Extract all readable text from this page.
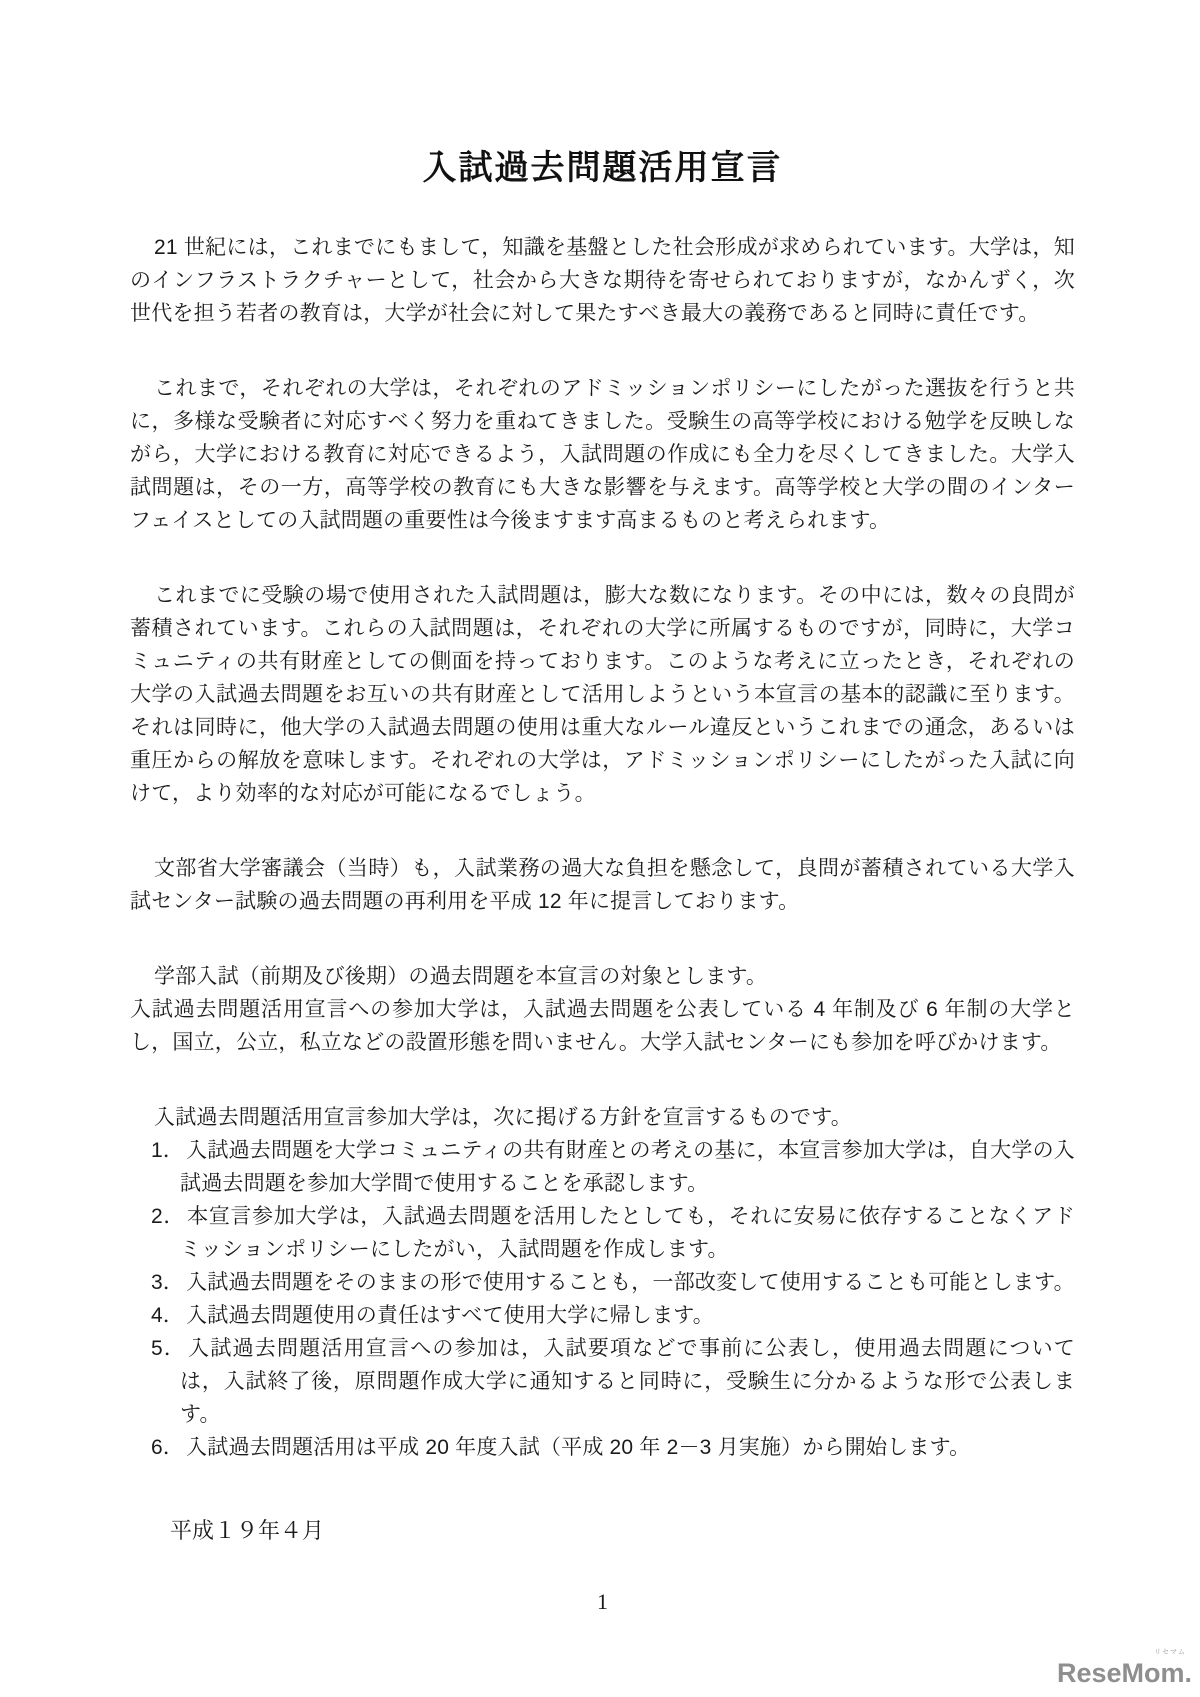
入試過去問題活用宣言

21 世紀には，これまでにもまして，知識を基盤とした社会形成が求められています。大学は，知のインフラストラクチャーとして，社会から大きな期待を寄せられておりますが，なかんずく，次世代を担う若者の教育は，大学が社会に対して果たすべき最大の義務であると同時に責任です。

これまで，それぞれの大学は，それぞれのアドミッションポリシーにしたがった選抜を行うと共に，多様な受験者に対応すべく努力を重ねてきました。受験生の高等学校における勉学を反映しながら，大学における教育に対応できるよう，入試問題の作成にも全力を尽くしてきました。大学入試問題は，その一方，高等学校の教育にも大きな影響を与えます。高等学校と大学の間のインターフェイスとしての入試問題の重要性は今後ますます高まるものと考えられます。

これまでに受験の場で使用された入試問題は，膨大な数になります。その中には，数々の良問が蓄積されています。これらの入試問題は，それぞれの大学に所属するものですが，同時に，大学コミュニティの共有財産としての側面を持っております。このような考えに立ったとき，それぞれの大学の入試過去問題をお互いの共有財産として活用しようという本宣言の基本的認識に至ります。それは同時に，他大学の入試過去問題の使用は重大なルール違反というこれまでの通念，あるいは重圧からの解放を意味します。それぞれの大学は，アドミッションポリシーにしたがった入試に向けて，より効率的な対応が可能になるでしょう。

文部省大学審議会（当時）も，入試業務の過大な負担を懸念して，良問が蓄積されている大学入試センター試験の過去問題の再利用を平成 12 年に提言しております。

学部入試（前期及び後期）の過去問題を本宣言の対象とします。

入試過去問題活用宣言への参加大学は，入試過去問題を公表している 4 年制及び 6 年制の大学とし，国立，公立，私立などの設置形態を問いません。大学入試センターにも参加を呼びかけます。

入試過去問題活用宣言参加大学は，次に掲げる方針を宣言するものです。

1．入試過去問題を大学コミュニティの共有財産との考えの基に，本宣言参加大学は，自大学の入試過去問題を参加大学間で使用することを承認します。

2．本宣言参加大学は，入試過去問題を活用したとしても，それに安易に依存することなくアドミッションポリシーにしたがい，入試問題を作成します。

3．入試過去問題をそのままの形で使用することも，一部改変して使用することも可能とします。

4．入試過去問題使用の責任はすべて使用大学に帰します。

5．入試過去問題活用宣言への参加は，入試要項などで事前に公表し，使用過去問題については，入試終了後，原問題作成大学に通知すると同時に，受験生に分かるような形で公表します。

6．入試過去問題活用は平成 20 年度入試（平成 20 年 2－3 月実施）から開始します。

平成１９年４月

1

リセマム
ReseMom.
